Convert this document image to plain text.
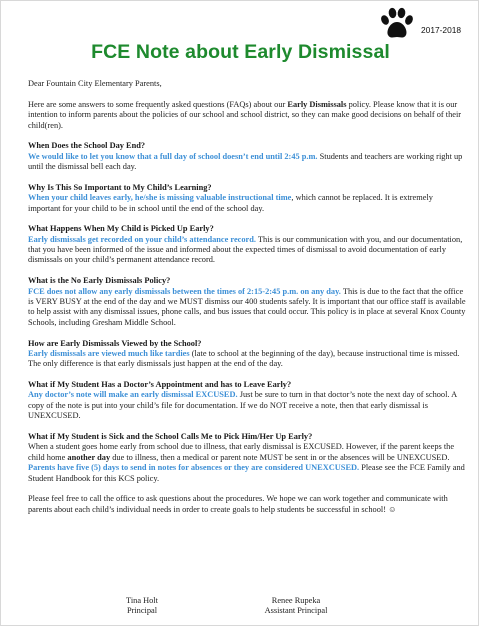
2017-2018
FCE Note about Early Dismissal

Dear Fountain City Elementary Parents,

Here are some answers to some frequently asked questions (FAQs) about our Early Dismissals policy. Please know that it is our intention to inform parents about the policies of our school and school district, so they can make good decisions on behalf of their child(ren).

When Does the School Day End?

We would like to let you know that a full day of school doesn’t end until 2:45 p.m. Students and teachers are working right up until the dismissal bell each day.

Why Is This So Important to My Child’s Learning?

When your child leaves early, he/she is missing valuable instructional time, which cannot be replaced. It is extremely important for your child to be in school until the end of the school day.

What Happens When My Child is Picked Up Early?

Early dismissals get recorded on your child’s attendance record. This is our communication with you, and our documentation, that you have been informed of the issue and informed about the expected times of dismissal to avoid documentation of early dismissals on your child’s permanent attendance record.

What is the No Early Dismissals Policy?

FCE does not allow any early dismissals between the times of 2:15-2:45 p.m. on any day. This is due to the fact that the office is VERY BUSY at the end of the day and we MUST dismiss our 400 students safely. It is important that our office staff is available to help assist with any dismissal issues, phone calls, and bus issues that could occur. This policy is in place at several Knox County Schools, including Gresham Middle School.

How are Early Dismissals Viewed by the School?

Early dismissals are viewed much like tardies (late to school at the beginning of the day), because instructional time is missed. The only difference is that early dismissals just happen at the end of the day.

What if My Student Has a Doctor’s Appointment and has to Leave Early?

Any doctor’s note will make an early dismissal EXCUSED. Just be sure to turn in that doctor’s note the next day of school. A copy of the note is put into your child’s file for documentation. If we do NOT receive a note, then that early dismissal is UNEXCUSED.

What if My Student is Sick and the School Calls Me to Pick Him/Her Up Early?

When a student goes home early from school due to illness, that early dismissal is EXCUSED. However, if the parent keeps the child home another day due to illness, then a medical or parent note MUST be sent in or the absences will be UNEXCUSED. Parents have five (5) days to send in notes for absences or they are considered UNEXCUSED. Please see the FCE Family and Student Handbook for this KCS policy.

Please feel free to call the office to ask questions about the procedures. We hope we can work together and communicate with parents about each child’s individual needs in order to create goals to help students be successful in school! ☺

Tina Holt
Principal
Renee Rupeka
Assistant Principal
